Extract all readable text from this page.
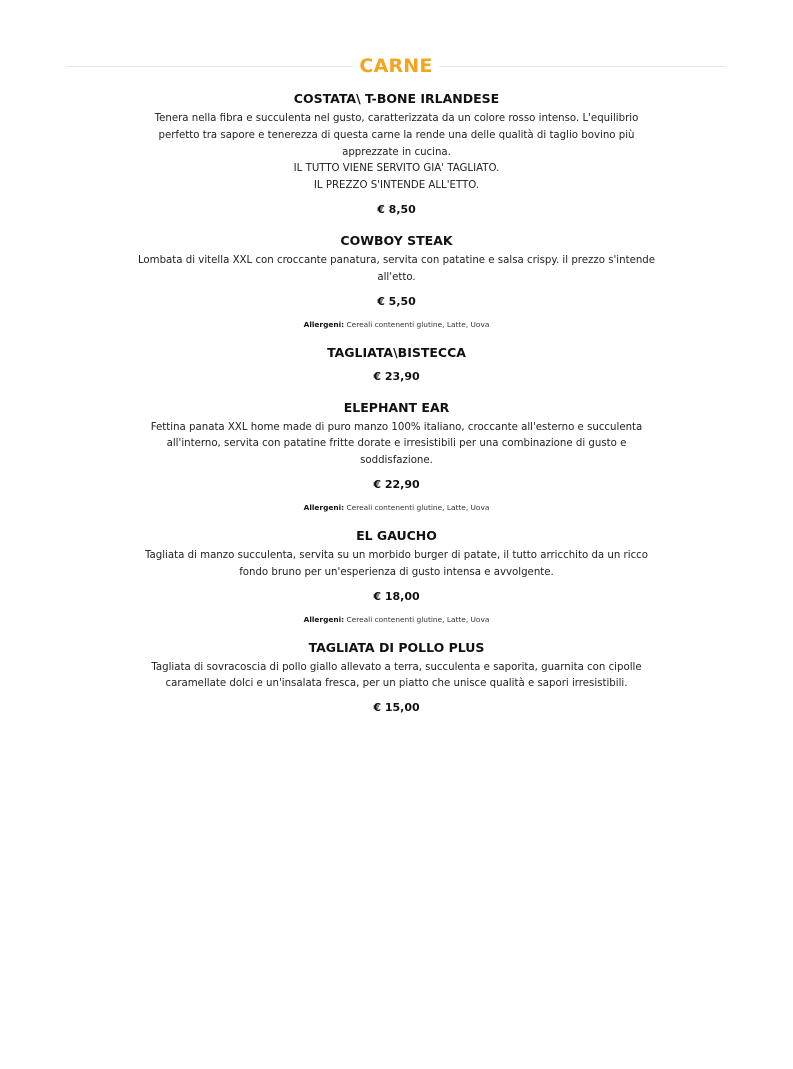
CARNE
COSTATA\ T-BONE IRLANDESE
Tenera nella fibra e succulenta nel gusto, caratterizzata da un colore rosso intenso. L'equilibrio
perfetto tra sapore e tenerezza di questa carne la rende una delle qualità di taglio bovino più
apprezzate in cucina.
IL TUTTO VIENE SERVITO GIA' TAGLIATO.
IL PREZZO S'INTENDE ALL'ETTO.
€ 8,50
COWBOY STEAK
Lombata di vitella XXL con croccante panatura, servita con patatine e salsa crispy. il prezzo s'intende
all'etto.
€ 5,50
Allergeni: Cereali contenenti glutine, Latte, Uova
TAGLIATA\BISTECCA
€ 23,90
ELEPHANT EAR
Fettina panata XXL home made di puro manzo 100% italiano, croccante all'esterno e succulenta
all'interno, servita con patatine fritte dorate e irresistibili per una combinazione di gusto e
soddisfazione.
€ 22,90
Allergeni: Cereali contenenti glutine, Latte, Uova
EL GAUCHO
Tagliata di manzo succulenta, servita su un morbido burger di patate, il tutto arricchito da un ricco
fondo bruno per un'esperienza di gusto intensa e avvolgente.
€ 18,00
Allergeni: Cereali contenenti glutine, Latte, Uova
TAGLIATA DI POLLO PLUS
Tagliata di sovracoscia di pollo giallo allevato a terra, succulenta e saporita, guarnita con cipolle
caramellate dolci e un'insalata fresca, per un piatto che unisce qualità e sapori irresistibili.
€ 15,00
